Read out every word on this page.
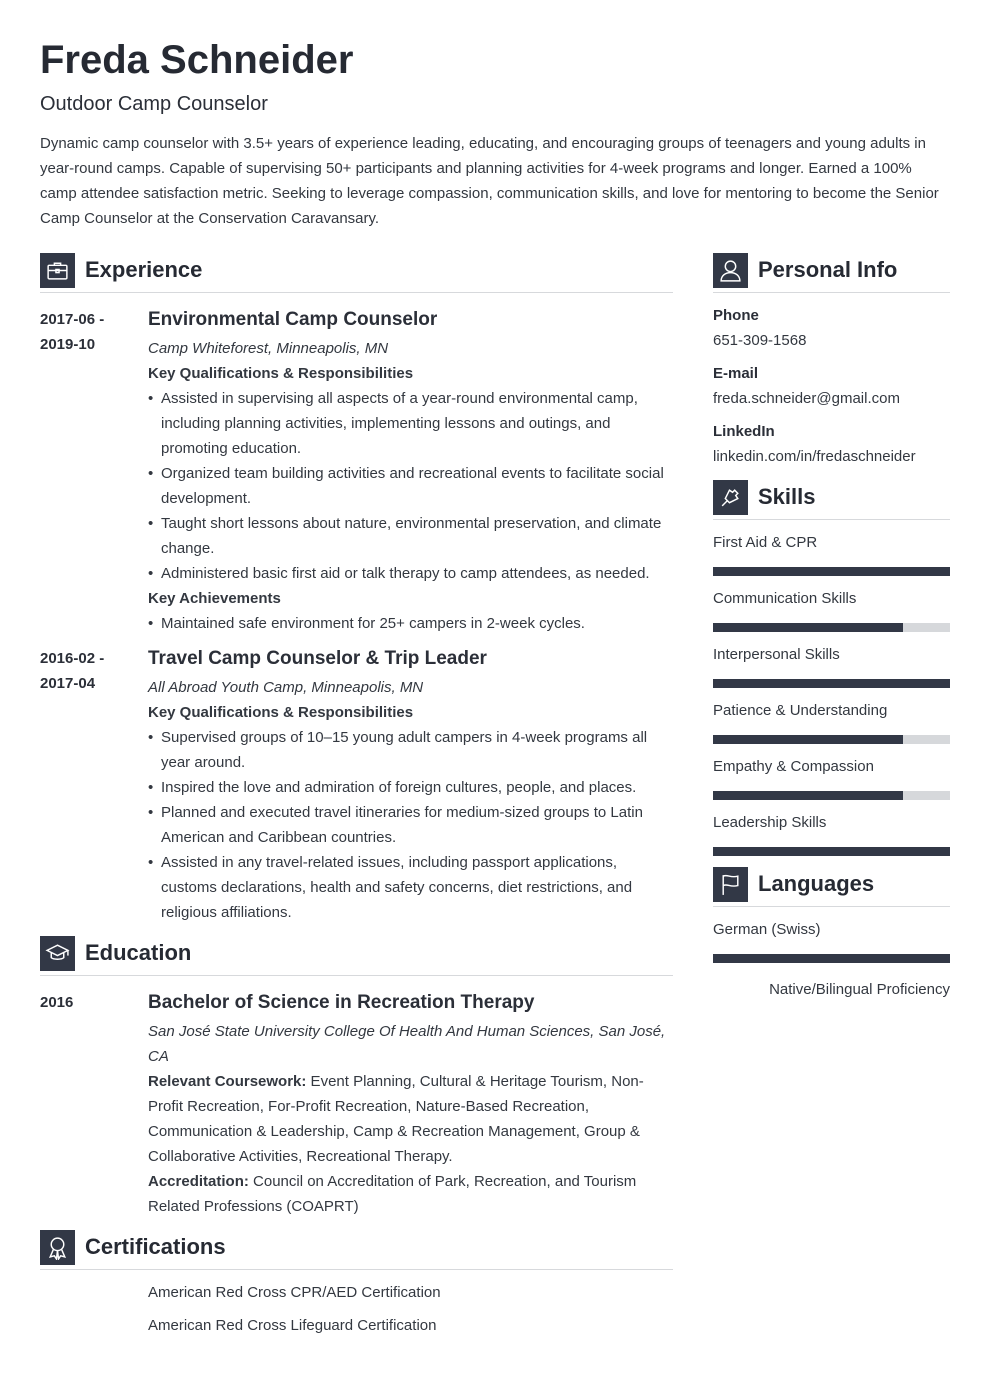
Freda Schneider
Outdoor Camp Counselor
Dynamic camp counselor with 3.5+ years of experience leading, educating, and encouraging groups of teenagers and young adults in year-round camps. Capable of supervising 50+ participants and planning activities for 4-week programs and longer. Earned a 100% camp attendee satisfaction metric. Seeking to leverage compassion, communication skills, and love for mentoring to become the Senior Camp Counselor at the Conservation Caravansary.
Experience
2017-06 - 2019-10
Environmental Camp Counselor
Camp Whiteforest, Minneapolis, MN
Key Qualifications & Responsibilities
• Assisted in supervising all aspects of a year-round environmental camp, including planning activities, implementing lessons and outings, and promoting education.
• Organized team building activities and recreational events to facilitate social development.
• Taught short lessons about nature, environmental preservation, and climate change.
• Administered basic first aid or talk therapy to camp attendees, as needed.
Key Achievements
• Maintained safe environment for 25+ campers in 2-week cycles.
2016-02 - 2017-04
Travel Camp Counselor & Trip Leader
All Abroad Youth Camp, Minneapolis, MN
Key Qualifications & Responsibilities
• Supervised groups of 10–15 young adult campers in 4-week programs all year around.
• Inspired the love and admiration of foreign cultures, people, and places.
• Planned and executed travel itineraries for medium-sized groups to Latin American and Caribbean countries.
• Assisted in any travel-related issues, including passport applications, customs declarations, health and safety concerns, diet restrictions, and religious affiliations.
Education
2016	Bachelor of Science in Recreation Therapy
San José State University College Of Health And Human Sciences, San José, CA
Relevant Coursework: Event Planning, Cultural & Heritage Tourism, Non-Profit Recreation, For-Profit Recreation, Nature-Based Recreation, Communication & Leadership, Camp & Recreation Management, Group & Collaborative Activities, Recreational Therapy.
Accreditation: Council on Accreditation of Park, Recreation, and Tourism Related Professions (COAPRT)
Certifications
American Red Cross CPR/AED Certification
American Red Cross Lifeguard Certification
Personal Info
Phone
651-309-1568
E-mail
freda.schneider@gmail.com
LinkedIn
linkedin.com/in/fredaschneider
Skills
First Aid & CPR
Communication Skills
Interpersonal Skills
Patience & Understanding
Empathy & Compassion
Leadership Skills
Languages
German (Swiss)
Native/Bilingual Proficiency
